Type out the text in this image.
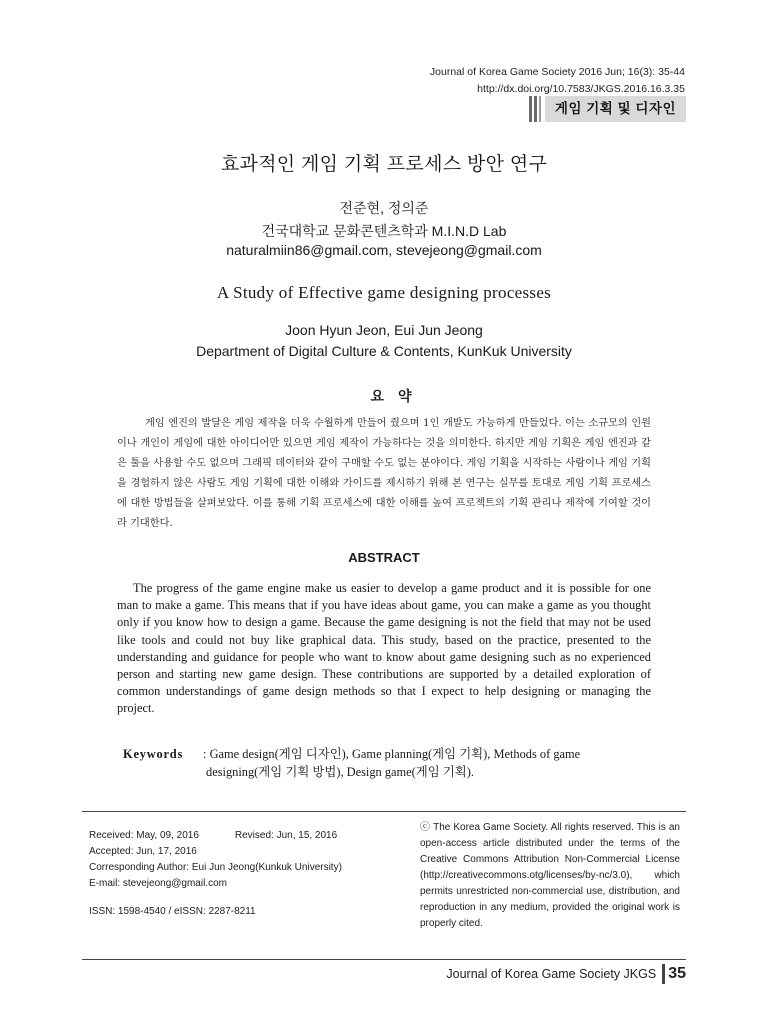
Journal of Korea Game Society 2016 Jun; 16(3): 35-44
http://dx.doi.org/10.7583/JKGS.2016.16.3.35
게임 기획 및 디자인
효과적인 게임 기획 프로세스 방안 연구
전준현, 정의준
건국대학교 문화콘텐츠학과 M.I.N.D Lab
naturalmiin86@gmail.com, stevejeong@gmail.com
A Study of Effective game designing processes
Joon Hyun Jeon, Eui Jun Jeong
Department of Digital Culture & Contents, KunKuk University
요약

게임 엔진의 발달은 게임 제작을 더욱 수월하게 만들어 줬으며 1인 개발도 가능하게 만들었다. 이는 소규모의 인원이나 개인이 게임에 대한 아이디어만 있으면 게임 제작이 가능하다는 것을 의미한다. 하지만 게임 기획은 게임 엔진과 같은 툴을 사용할 수도 없으며 그래픽 데이터와 같이 구매할 수도 없는 분야이다. 게임 기획을 시작하는 사람이나 게임 기획을 경험하지 않은 사람도 게임 기획에 대한 이해와 가이드를 제시하기 위해 본 연구는 실무를 토대로 게임 기획 프로세스에 대한 방법들을 살펴보았다. 이를 통해 기획 프로세스에 대한 이해를 높여 프로젝트의 기획 관리나 제작에 기여할 것이라 기대한다.

ABSTRACT

The progress of the game engine make us easier to develop a game product and it is possible for one man to make a game. This means that if you have ideas about game, you can make a game as you thought only if you know how to design a game. Because the game designing is not the field that may not be used like tools and could not buy like graphical data. This study, based on the practice, presented to the understanding and guidance for people who want to know about game designing such as no experienced person and starting new game design. These contributions are supported by a detailed exploration of common understandings of game design methods so that I expect to help designing or managing the project.

Keywords : Game design(게임 디자인), Game planning(게임 기획), Methods of game
designing(게임 기획 방법), Design game(게임 기획).
Received: May, 09, 2016	Revised: Jun, 15, 2016
Accepted: Jun, 17, 2016
Corresponding Author: Eui Jun Jeong(Kunkuk University)
E-mail: stevejeong@gmail.com
ISSN: 1598-4540 / eISSN: 2287-8211
ⓒ The Korea Game Society. All rights reserved. This is an open-access article distributed under the terms of the Creative Commons Attribution Non-Commercial License (http://creativecommons.otg/licenses/by-nc/3.0), which permits unrestricted non-commercial use, distribution, and reproduction in any medium, provided the original work is properly cited.
Journal of Korea Game Society JKGS 35
